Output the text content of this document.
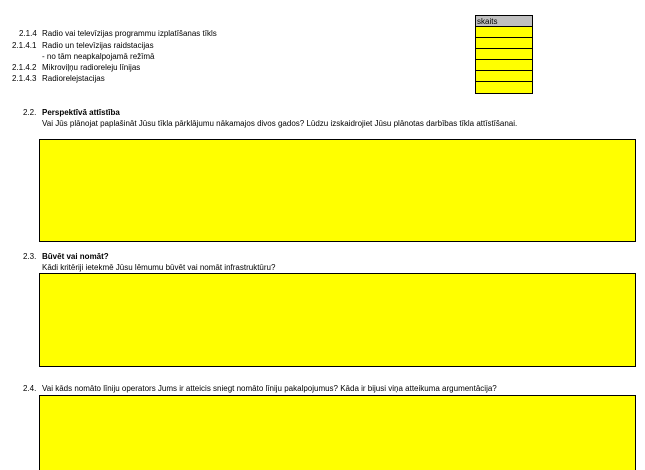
2.1.4 Radio vai televīzijas programmu izplatīšanas tīkls
2.1.4.1 Radio un televīzijas raidstacijas
- no tām neapkalpojamā režīmā
2.1.4.2 Mikroviļņu radioreleju līnijas
2.1.4.3 Radiorelejstacijas
skaits
2.2. Perspektīvā attīstība
Vai Jūs plānojat paplašināt Jūsu tīkla pārklājumu nākamajos divos gados? Lūdzu izskaidrojiet Jūsu plānotas darbības tīkla attīstīšanai.
2.3. Būvēt vai nomāt?
Kādi kritēriji ietekmē Jūsu lēmumu būvēt vai nomāt infrastruktūru?
2.4. Vai kāds nomāto līniju operators Jums ir atteicis sniegt nomāto līniju pakalpojumus? Kāda ir bijusi viņa atteikuma argumentācija?
